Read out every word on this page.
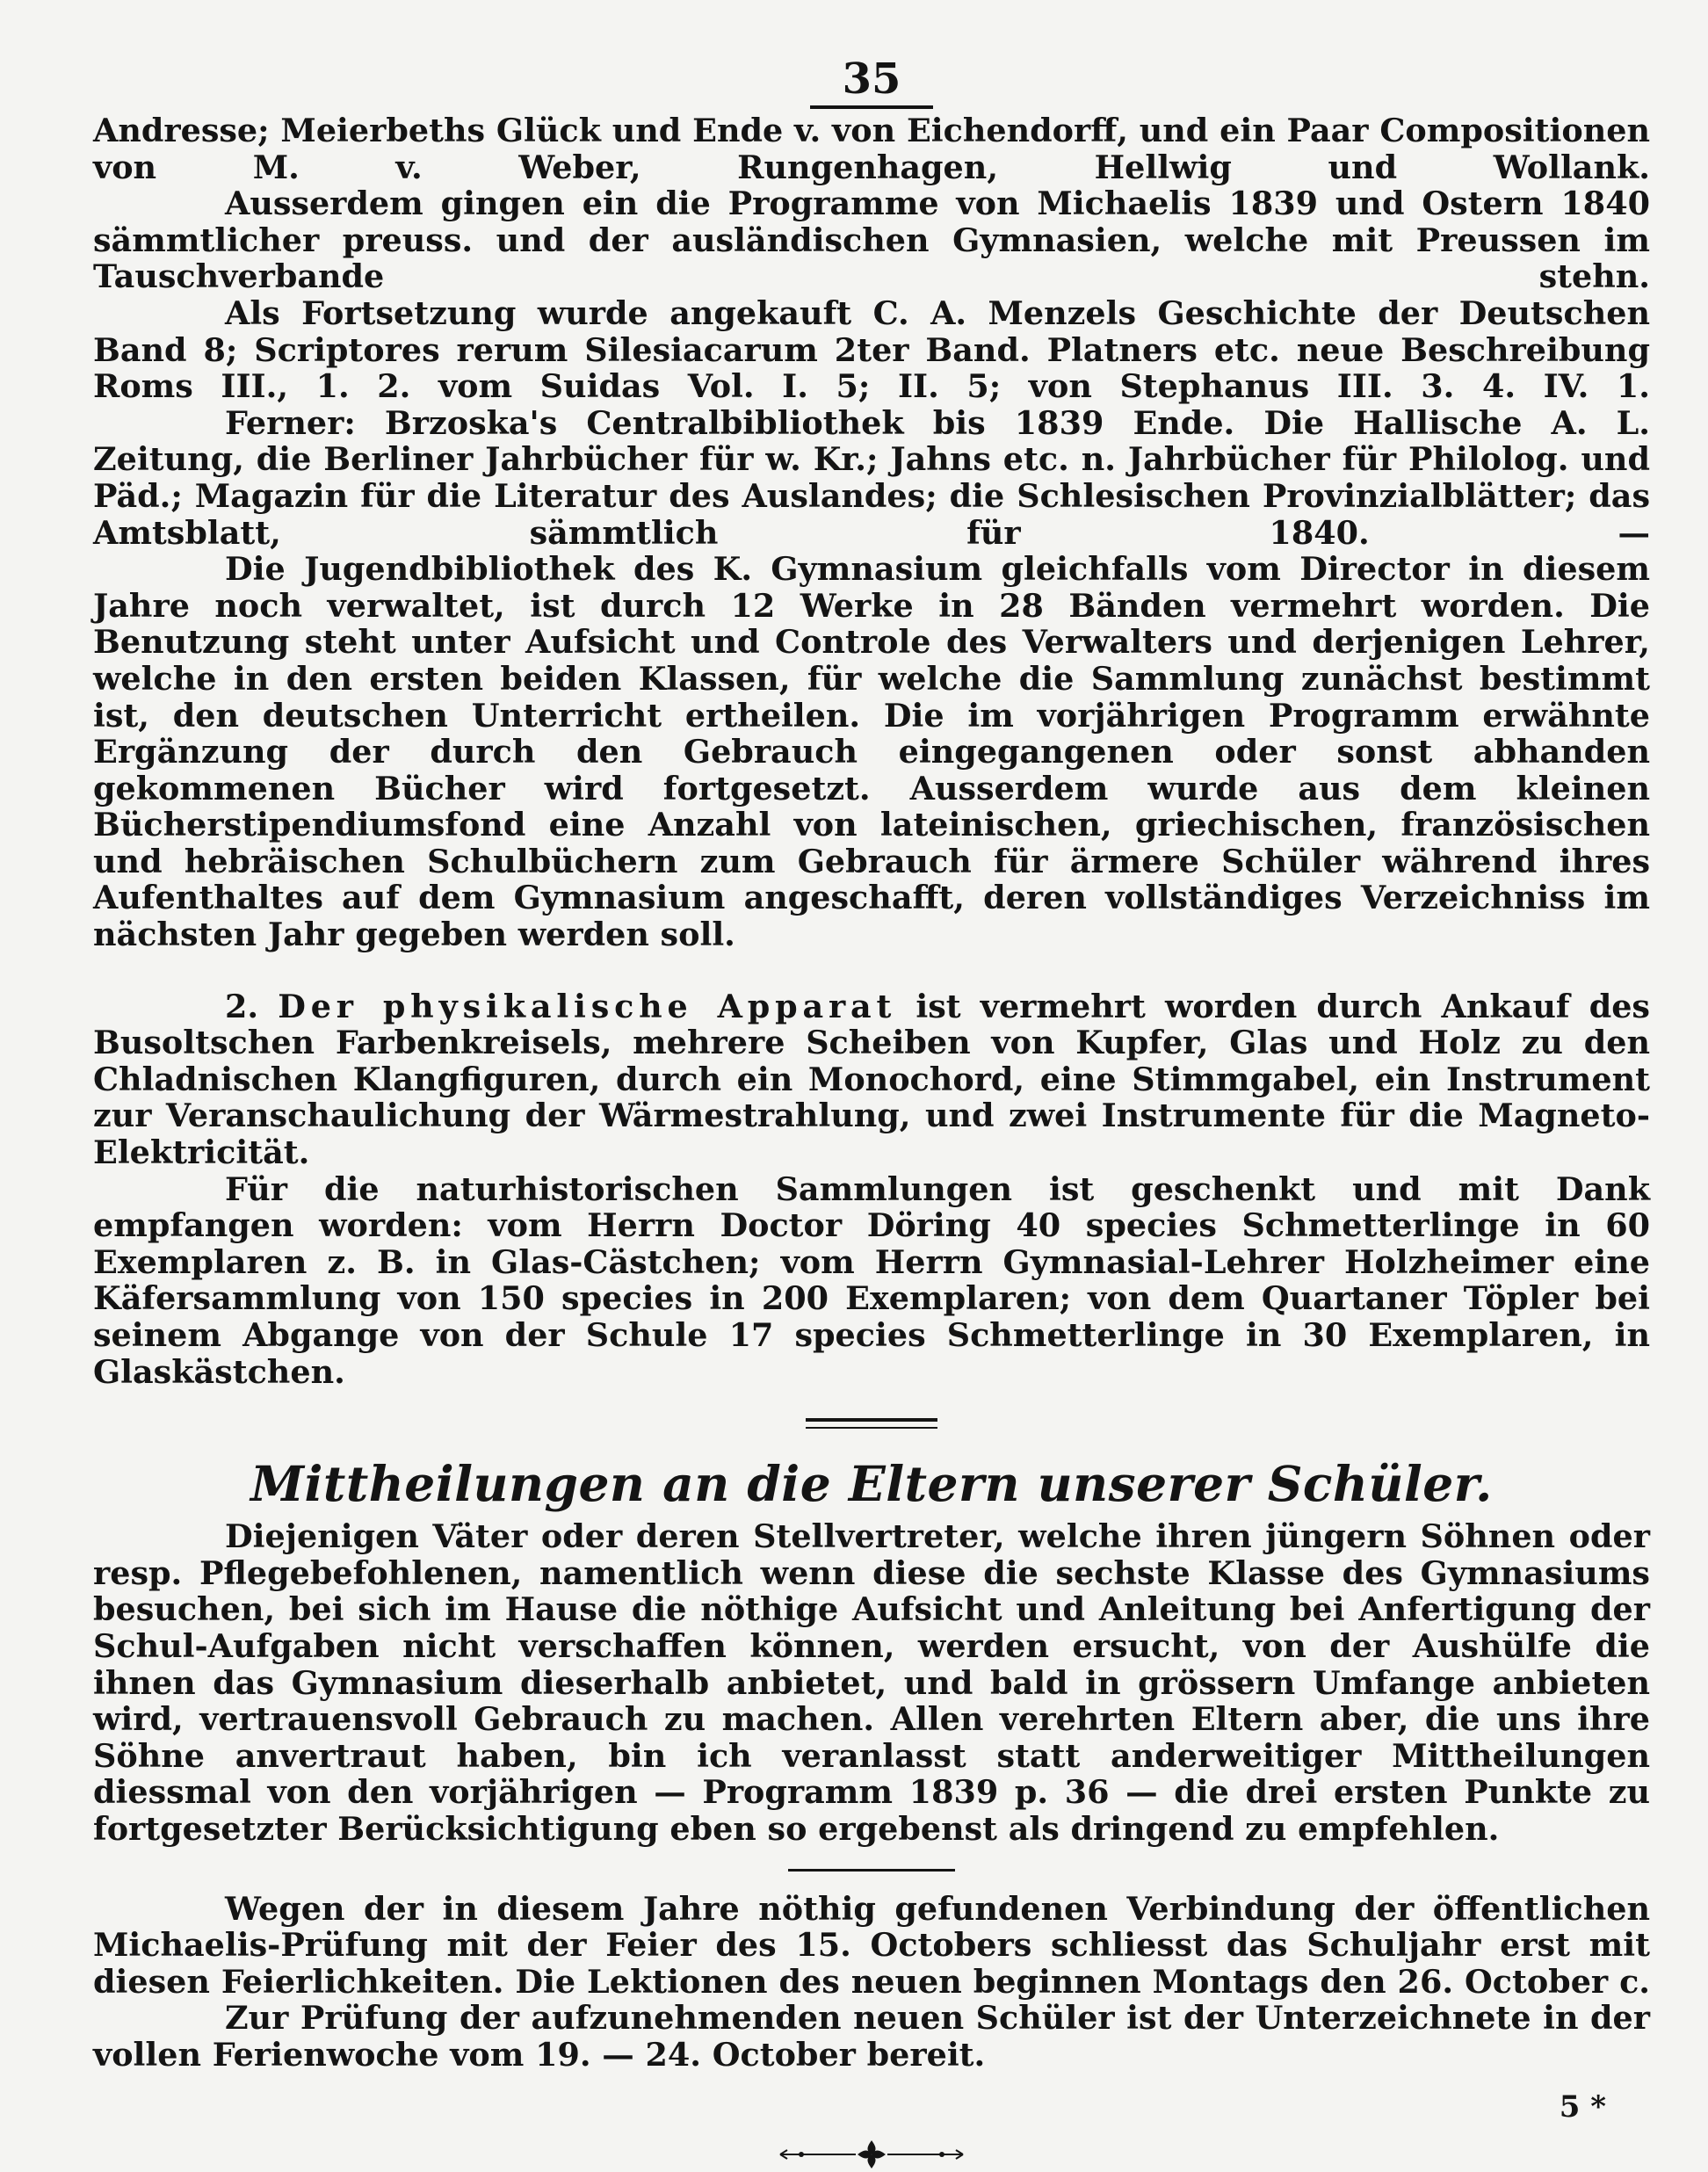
35

Andresse; Meierbeths Glück und Ende v. von Eichendorff, und ein Paar Compositionen von M. v. Weber, Rungenhagen, Hellwig und Wollank.

Ausserdem gingen ein die Programme von Michaelis 1839 und Ostern 1840 sämmtlicher preuss. und der ausländischen Gymnasien, welche mit Preussen im Tauschverbande stehn.

Als Fortsetzung wurde angekauft C. A. Menzels Geschichte der Deutschen Band 8; Scriptores rerum Silesiacarum 2ter Band. Platners etc. neue Beschreibung Roms III., 1. 2. vom Suidas Vol. I. 5; II. 5; von Stephanus III. 3. 4. IV. 1.

Ferner: Brzoska's Centralbibliothek bis 1839 Ende. Die Hallische A. L. Zeitung, die Berliner Jahrbücher für w. Kr.; Jahns etc. n. Jahrbücher für Philolog. und Päd.; Magazin für die Literatur des Auslandes; die Schlesischen Provinzialblätter; das Amtsblatt, sämmtlich für 1840. —

Die Jugendbibliothek des K. Gymnasium gleichfalls vom Director in diesem Jahre noch verwaltet, ist durch 12 Werke in 28 Bänden vermehrt worden. Die Benutzung steht unter Aufsicht und Controle des Verwalters und derjenigen Lehrer, welche in den ersten beiden Klassen, für welche die Sammlung zunächst bestimmt ist, den deutschen Unterricht ertheilen. Die im vorjährigen Programm erwähnte Ergänzung der durch den Gebrauch eingegangenen oder sonst abhanden gekommenen Bücher wird fortgesetzt. Ausserdem wurde aus dem kleinen Bücherstipendiumsfond eine Anzahl von lateinischen, griechischen, französischen und hebräischen Schulbüchern zum Gebrauch für ärmere Schüler während ihres Aufenthaltes auf dem Gymnasium angeschafft, deren vollständiges Verzeichniss im nächsten Jahr gegeben werden soll.

2. Der physikalische Apparat ist vermehrt worden durch Ankauf des Busoltschen Farbenkreisels, mehrere Scheiben von Kupfer, Glas und Holz zu den Chladnischen Klangfiguren, durch ein Monochord, eine Stimmgabel, ein Instrument zur Veranschaulichung der Wärmestrahlung, und zwei Instrumente für die Magneto-Elektricität.

Für die naturhistorischen Sammlungen ist geschenkt und mit Dank empfangen worden: vom Herrn Doctor Döring 40 species Schmetterlinge in 60 Exemplaren z. B. in Glas-Cästchen; vom Herrn Gymnasial-Lehrer Holzheimer eine Käfersammlung von 150 species in 200 Exemplaren; von dem Quartaner Töpler bei seinem Abgange von der Schule 17 species Schmetterlinge in 30 Exemplaren, in Glaskästchen.

Mittheilungen an die Eltern unserer Schüler.

Diejenigen Väter oder deren Stellvertreter, welche ihren jüngern Söhnen oder resp. Pflegebefohlenen, namentlich wenn diese die sechste Klasse des Gymnasiums besuchen, bei sich im Hause die nöthige Aufsicht und Anleitung bei Anfertigung der Schul-Aufgaben nicht verschaffen können, werden ersucht, von der Aushülfe die ihnen das Gymnasium dieserhalb anbietet, und bald in grössern Umfange anbieten wird, vertrauensvoll Gebrauch zu machen. Allen verehrten Eltern aber, die uns ihre Söhne anvertraut haben, bin ich veranlasst statt anderweitiger Mittheilungen diessmal von den vorjährigen — Programm 1839 p. 36 — die drei ersten Punkte zu fortgesetzter Berücksichtigung eben so ergebenst als dringend zu empfehlen.

Wegen der in diesem Jahre nöthig gefundenen Verbindung der öffentlichen Michaelis-Prüfung mit der Feier des 15. Octobers schliesst das Schuljahr erst mit diesen Feierlichkeiten. Die Lektionen des neuen beginnen Montags den 26. October c.

Zur Prüfung der aufzunehmenden neuen Schüler ist der Unterzeichnete in der vollen Ferienwoche vom 19. — 24. October bereit.

5 *
